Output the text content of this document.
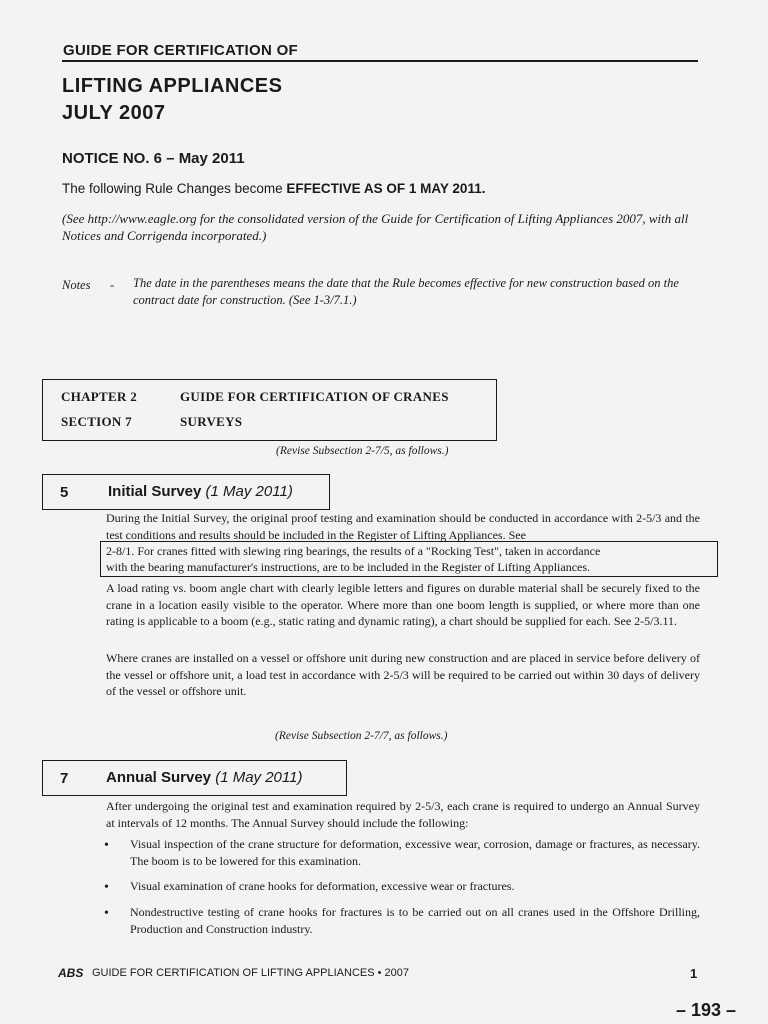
GUIDE FOR CERTIFICATION OF
LIFTING APPLIANCES
JULY 2007
NOTICE NO. 6 – May 2011
The following Rule Changes become EFFECTIVE AS OF 1 MAY 2011.
(See http://www.eagle.org for the consolidated version of the Guide for Certification of Lifting Appliances 2007, with all Notices and Corrigenda incorporated.)
Notes - The date in the parentheses means the date that the Rule becomes effective for new construction based on the contract date for construction. (See 1-3/7.1.)
CHAPTER 2	GUIDE FOR CERTIFICATION OF CRANES
SECTION 7	SURVEYS
(Revise Subsection 2-7/5, as follows.)
5	Initial Survey (1 May 2011)
During the Initial Survey, the original proof testing and examination should be conducted in accordance with 2-5/3 and the test conditions and results should be included in the Register of Lifting Appliances. See
2-8/1. For cranes fitted with slewing ring bearings, the results of a "Rocking Test", taken in accordance
with the bearing manufacturer's instructions, are to be included in the Register of Lifting Appliances.
A load rating vs. boom angle chart with clearly legible letters and figures on durable material shall be securely fixed to the crane in a location easily visible to the operator. Where more than one boom length is supplied, or where more than one rating is applicable to a boom (e.g., static rating and dynamic rating), a chart should be supplied for each. See 2-5/3.11.
Where cranes are installed on a vessel or offshore unit during new construction and are placed in service before delivery of the vessel or offshore unit, a load test in accordance with 2-5/3 will be required to be carried out within 30 days of delivery of the vessel or offshore unit.
(Revise Subsection 2-7/7, as follows.)
7	Annual Survey (1 May 2011)
After undergoing the original test and examination required by 2-5/3, each crane is required to undergo an Annual Survey at intervals of 12 months. The Annual Survey should include the following:
• Visual inspection of the crane structure for deformation, excessive wear, corrosion, damage or fractures, as necessary. The boom is to be lowered for this examination.
• Visual examination of crane hooks for deformation, excessive wear or fractures.
• Nondestructive testing of crane hooks for fractures is to be carried out on all cranes used in the Offshore Drilling, Production and Construction industry.
ABS GUIDE FOR CERTIFICATION OF LIFTING APPLIANCES • 2007	1
– 193 –
